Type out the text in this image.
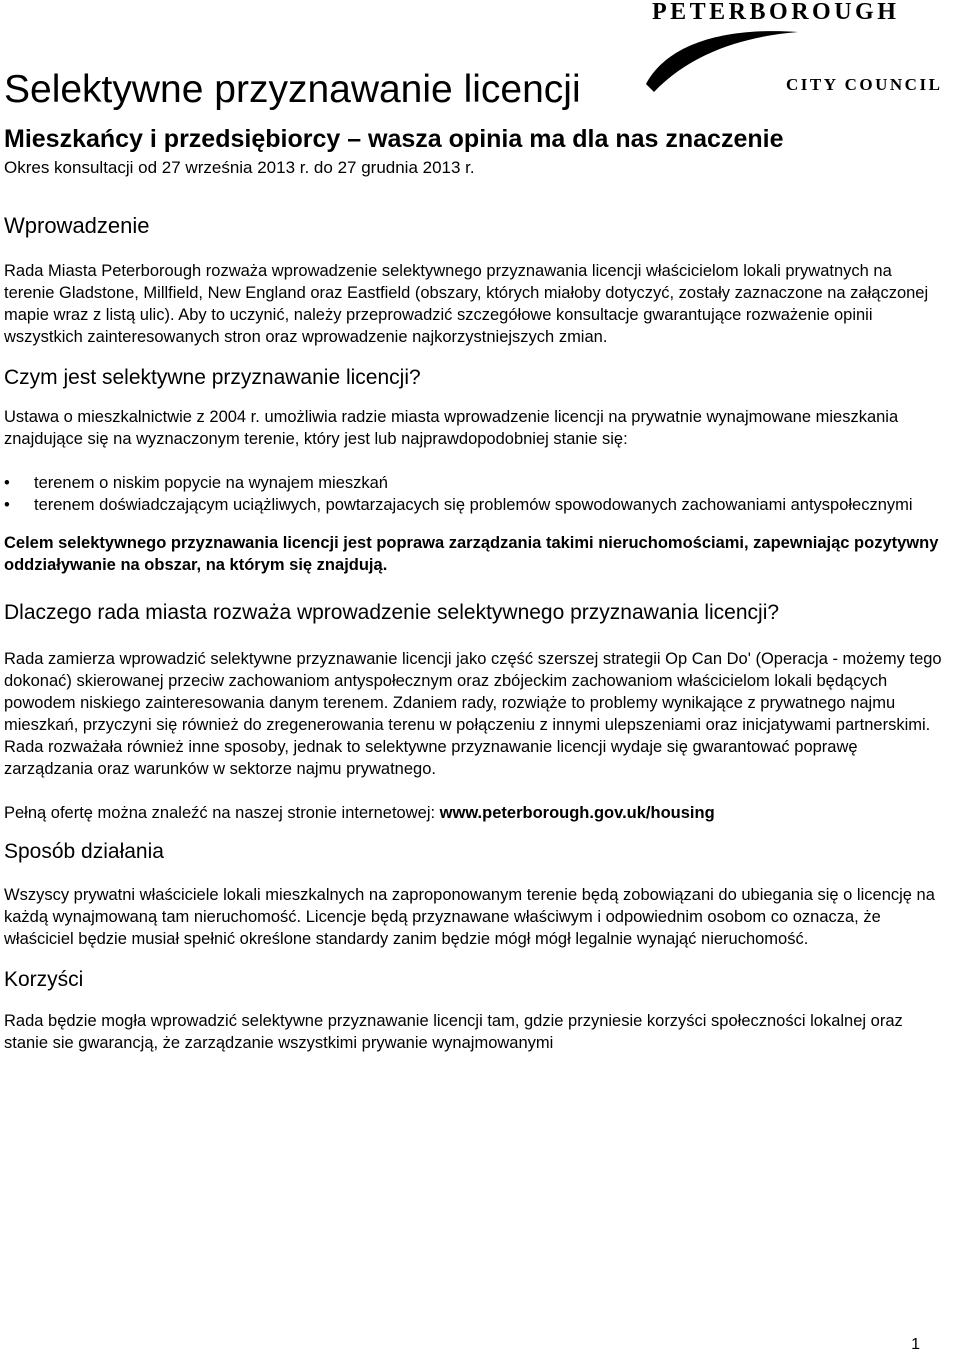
PETERBOROUGH
CITY COUNCIL
Selektywne przyznawanie licencji
Mieszkańcy i przedsiębiorcy – wasza opinia ma dla nas znaczenie
Okres konsultacji od 27 września 2013 r. do 27 grudnia 2013 r.
Wprowadzenie

Rada Miasta Peterborough rozważa wprowadzenie selektywnego przyznawania licencji właścicielom lokali prywatnych na terenie Gladstone, Millfield, New England oraz Eastfield (obszary, których miałoby dotyczyć, zostały zaznaczone na załączonej mapie wraz z listą ulic). Aby to uczynić, należy przeprowadzić szczegółowe konsultacje gwarantujące rozważenie opinii wszystkich zainteresowanych stron oraz wprowadzenie najkorzystniejszych zmian.

Czym jest selektywne przyznawanie licencji?

Ustawa o mieszkalnictwie z 2004 r. umożliwia radzie miasta wprowadzenie licencji na prywatnie wynajmowane mieszkania znajdujące się na wyznaczonym terenie, który jest lub najprawdopodobniej stanie się:

• terenem o niskim popycie na wynajem mieszkań
• terenem doświadczającym uciążliwych, powtarzajacych się problemów spowodowanych zachowaniami antyspołecznymi

Celem selektywnego przyznawania licencji jest poprawa zarządzania takimi nieruchomościami, zapewniając pozytywny oddziaływanie na obszar, na którym się znajdują.

Dlaczego rada miasta rozważa wprowadzenie selektywnego przyznawania licencji?

Rada zamierza wprowadzić selektywne przyznawanie licencji jako część szerszej strategii Op Can Do' (Operacja - możemy tego dokonać) skierowanej przeciw zachowaniom antyspołecznym oraz zbójeckim zachowaniom właścicielom lokali będących powodem niskiego zainteresowania danym terenem. Zdaniem rady, rozwiąże to problemy wynikające z prywatnego najmu mieszkań, przyczyni się również do zregenerowania terenu w połączeniu z innymi ulepszeniami oraz inicjatywami partnerskimi. Rada rozważała również inne sposoby, jednak to selektywne przyznawanie licencji wydaje się gwarantować poprawę zarządzania oraz warunków w sektorze najmu prywatnego.

Pełną ofertę można znaleźć na naszej stronie internetowej: www.peterborough.gov.uk/housing

Sposób działania

Wszyscy prywatni właściciele lokali mieszkalnych na zaproponowanym terenie będą zobowiązani do ubiegania się o licencję na każdą wynajmowaną tam nieruchomość. Licencje będą przyznawane właściwym i odpowiednim osobom co oznacza, że właściciel będzie musiał spełnić określone standardy zanim będzie mógł mógł legalnie wynająć nieruchomość.

Korzyści

Rada będzie mogła wprowadzić selektywne przyznawanie licencji tam, gdzie przyniesie korzyści społeczności lokalnej oraz stanie sie gwarancją, że zarządzanie wszystkimi prywanie wynajmowanymi

1
